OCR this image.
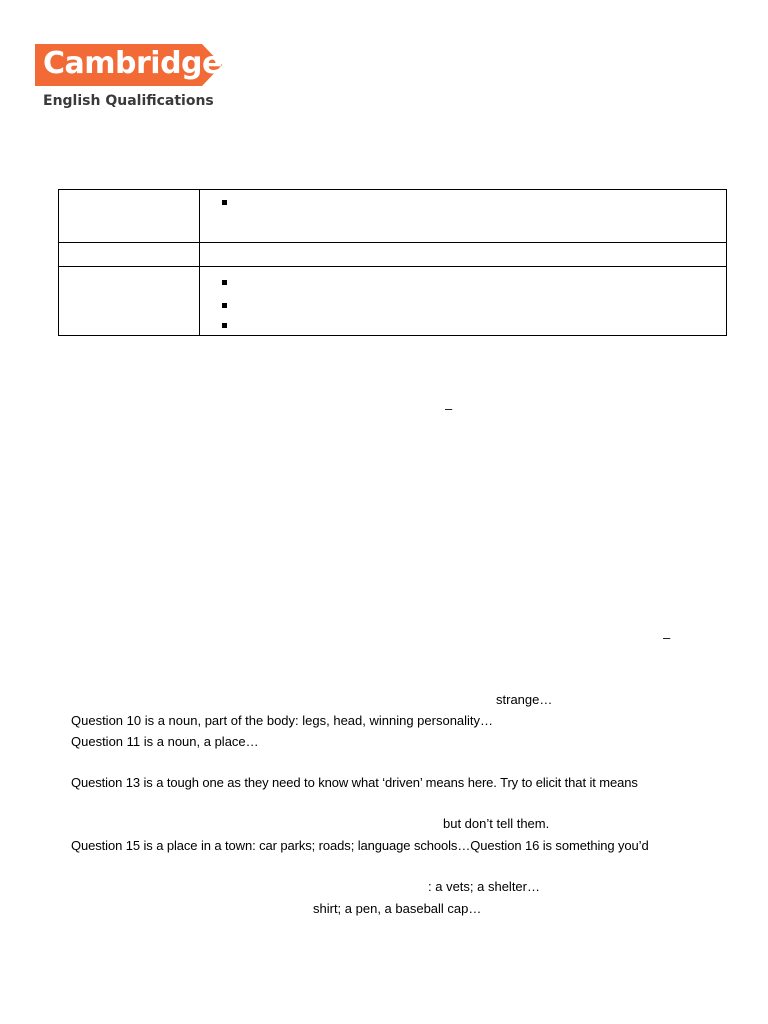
Cambridge
English Qualifications

–
–
strange…
Question 10 is a noun, part of the body: legs, head, winning personality…
Question 11 is a noun, a place…
Question 13 is a tough one as they need to know what ‘driven’ means here. Try to elicit that it means
but don’t tell them.
Question 15 is a place in a town: car parks; roads; language schools…Question 16 is something you’d
: a vets; a shelter…
shirt; a pen, a baseball cap…
